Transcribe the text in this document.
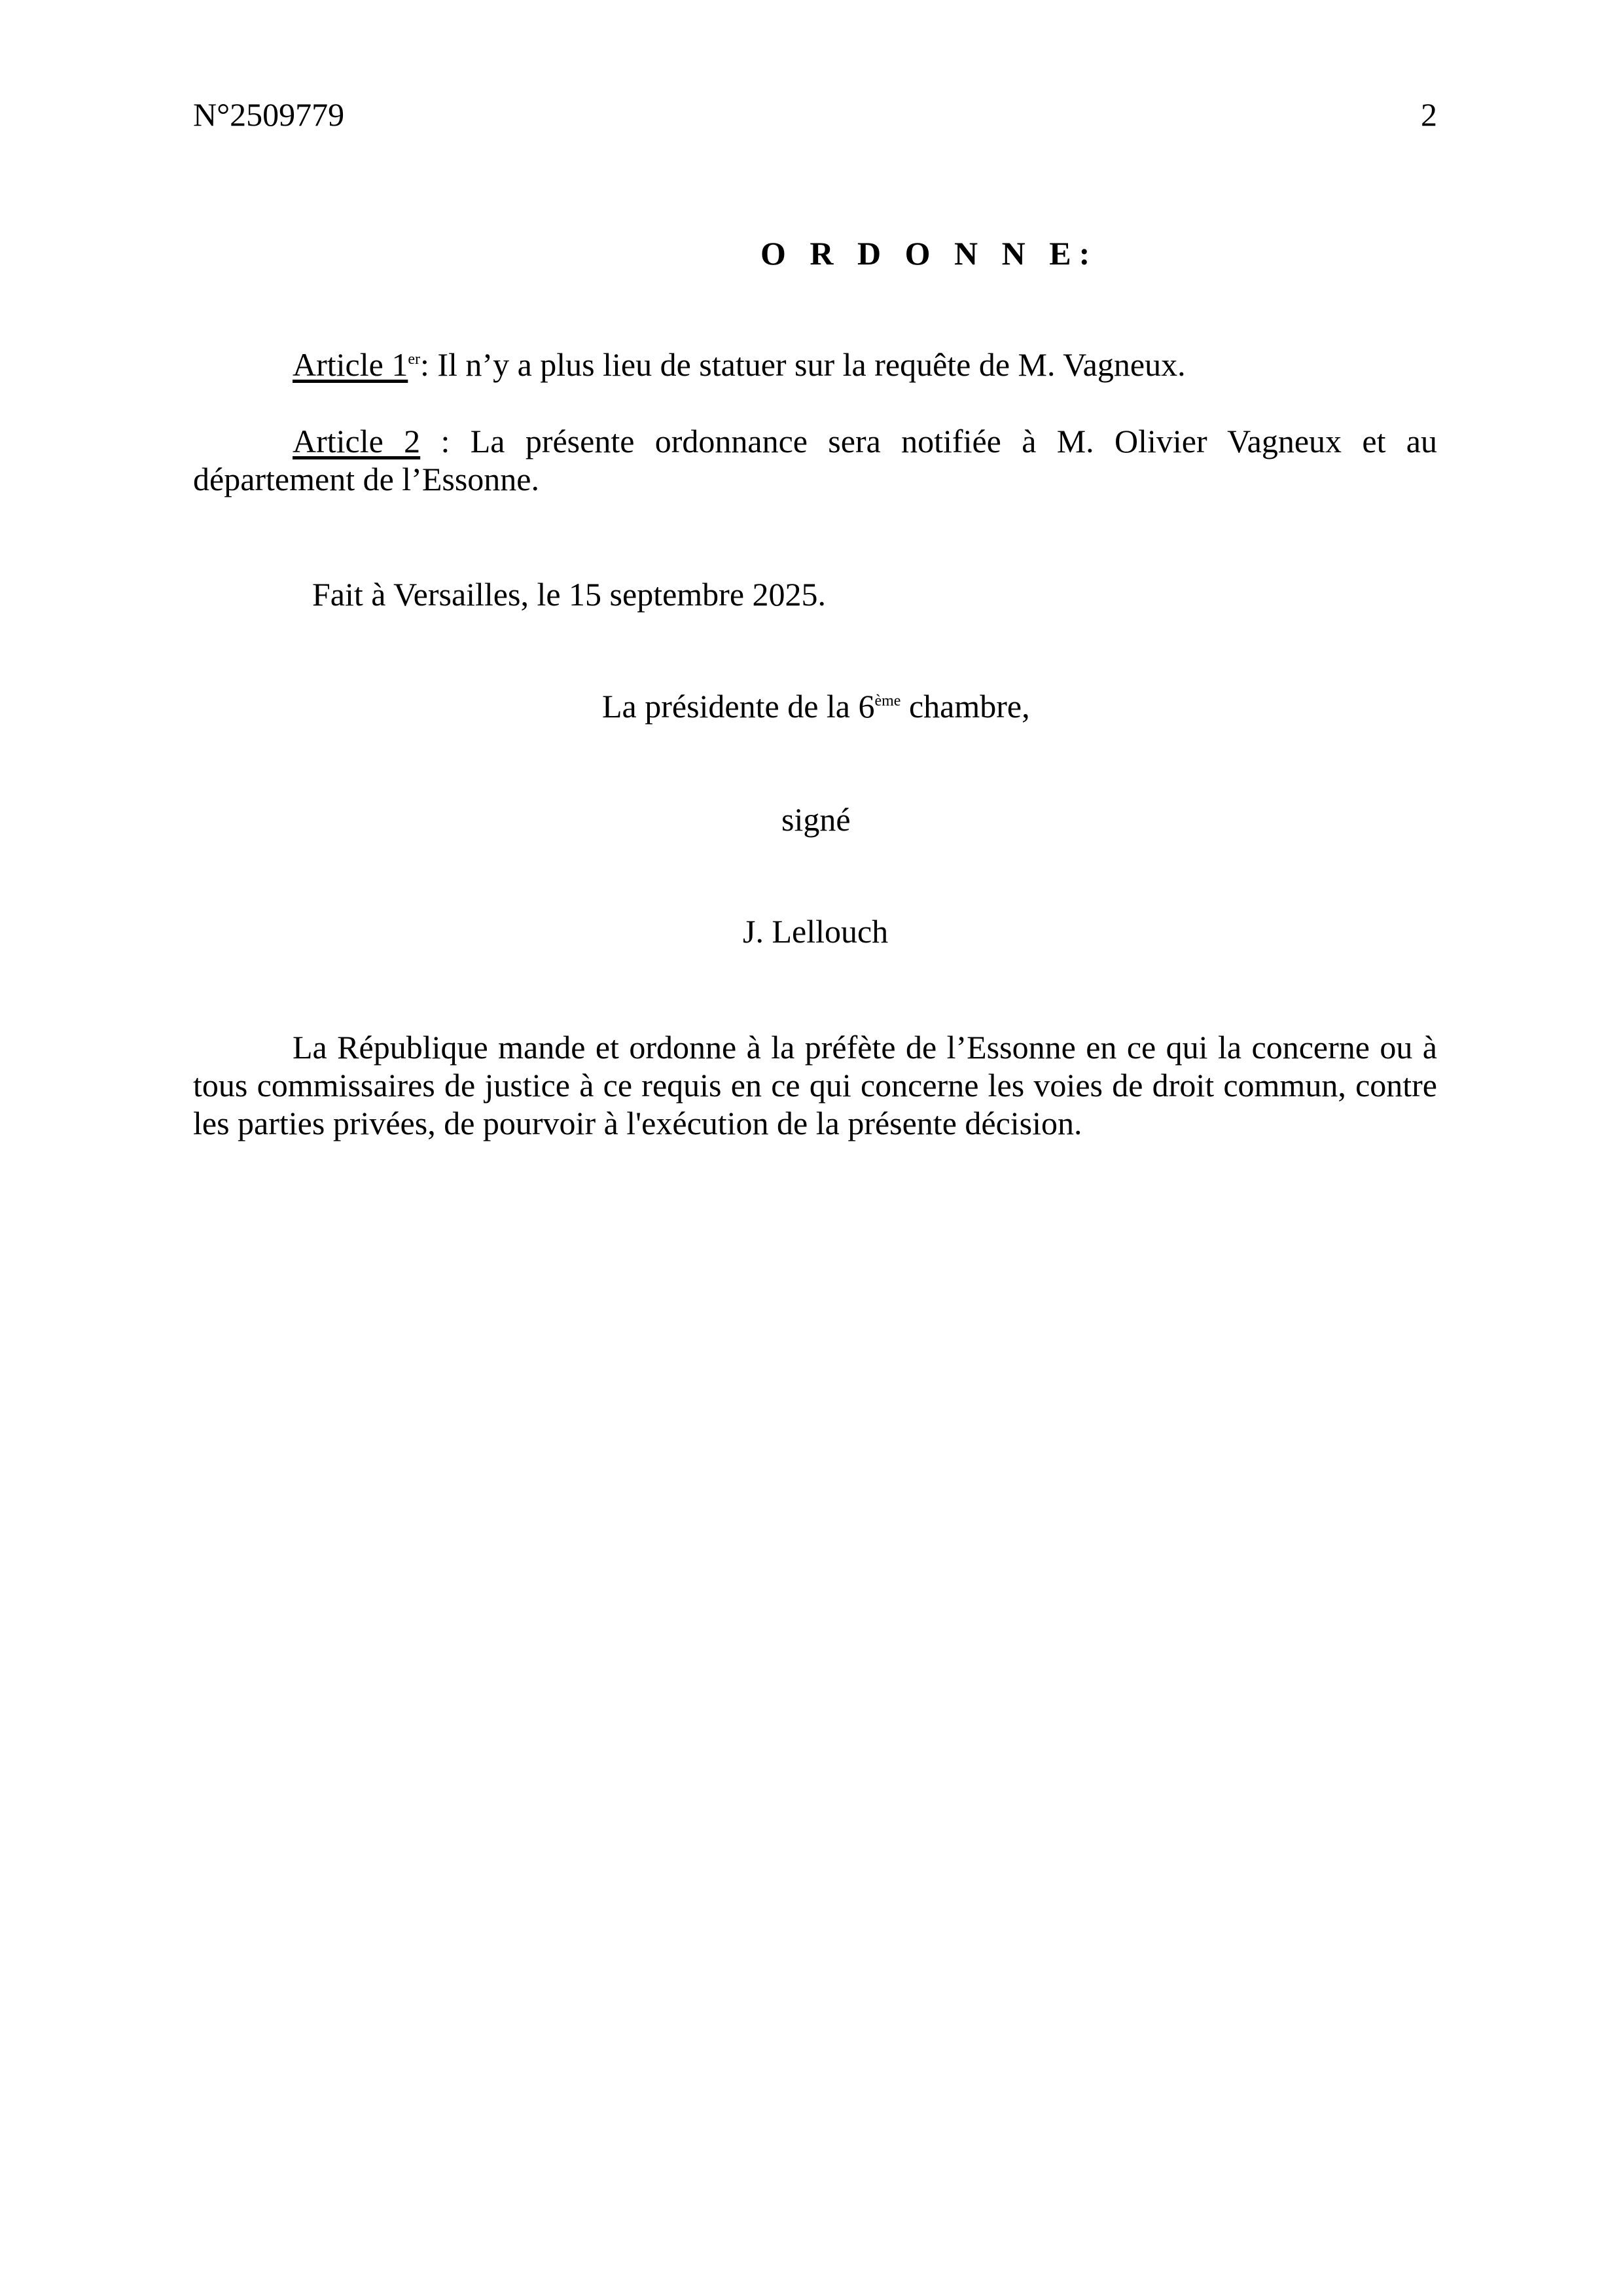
N°2509779	2
O R D O N N E:
Article 1er: Il n’y a plus lieu de statuer sur la requête de M. Vagneux.
Article 2 : La présente ordonnance sera notifiée à M. Olivier Vagneux et au département de l’Essonne.
Fait à Versailles, le 15 septembre 2025.
La présidente de la 6ème chambre,
signé
J. Lellouch
La République mande et ordonne à la préfète de l’Essonne en ce qui la concerne ou à tous commissaires de justice à ce requis en ce qui concerne les voies de droit commun, contre les parties privées, de pourvoir à l'exécution de la présente décision.
